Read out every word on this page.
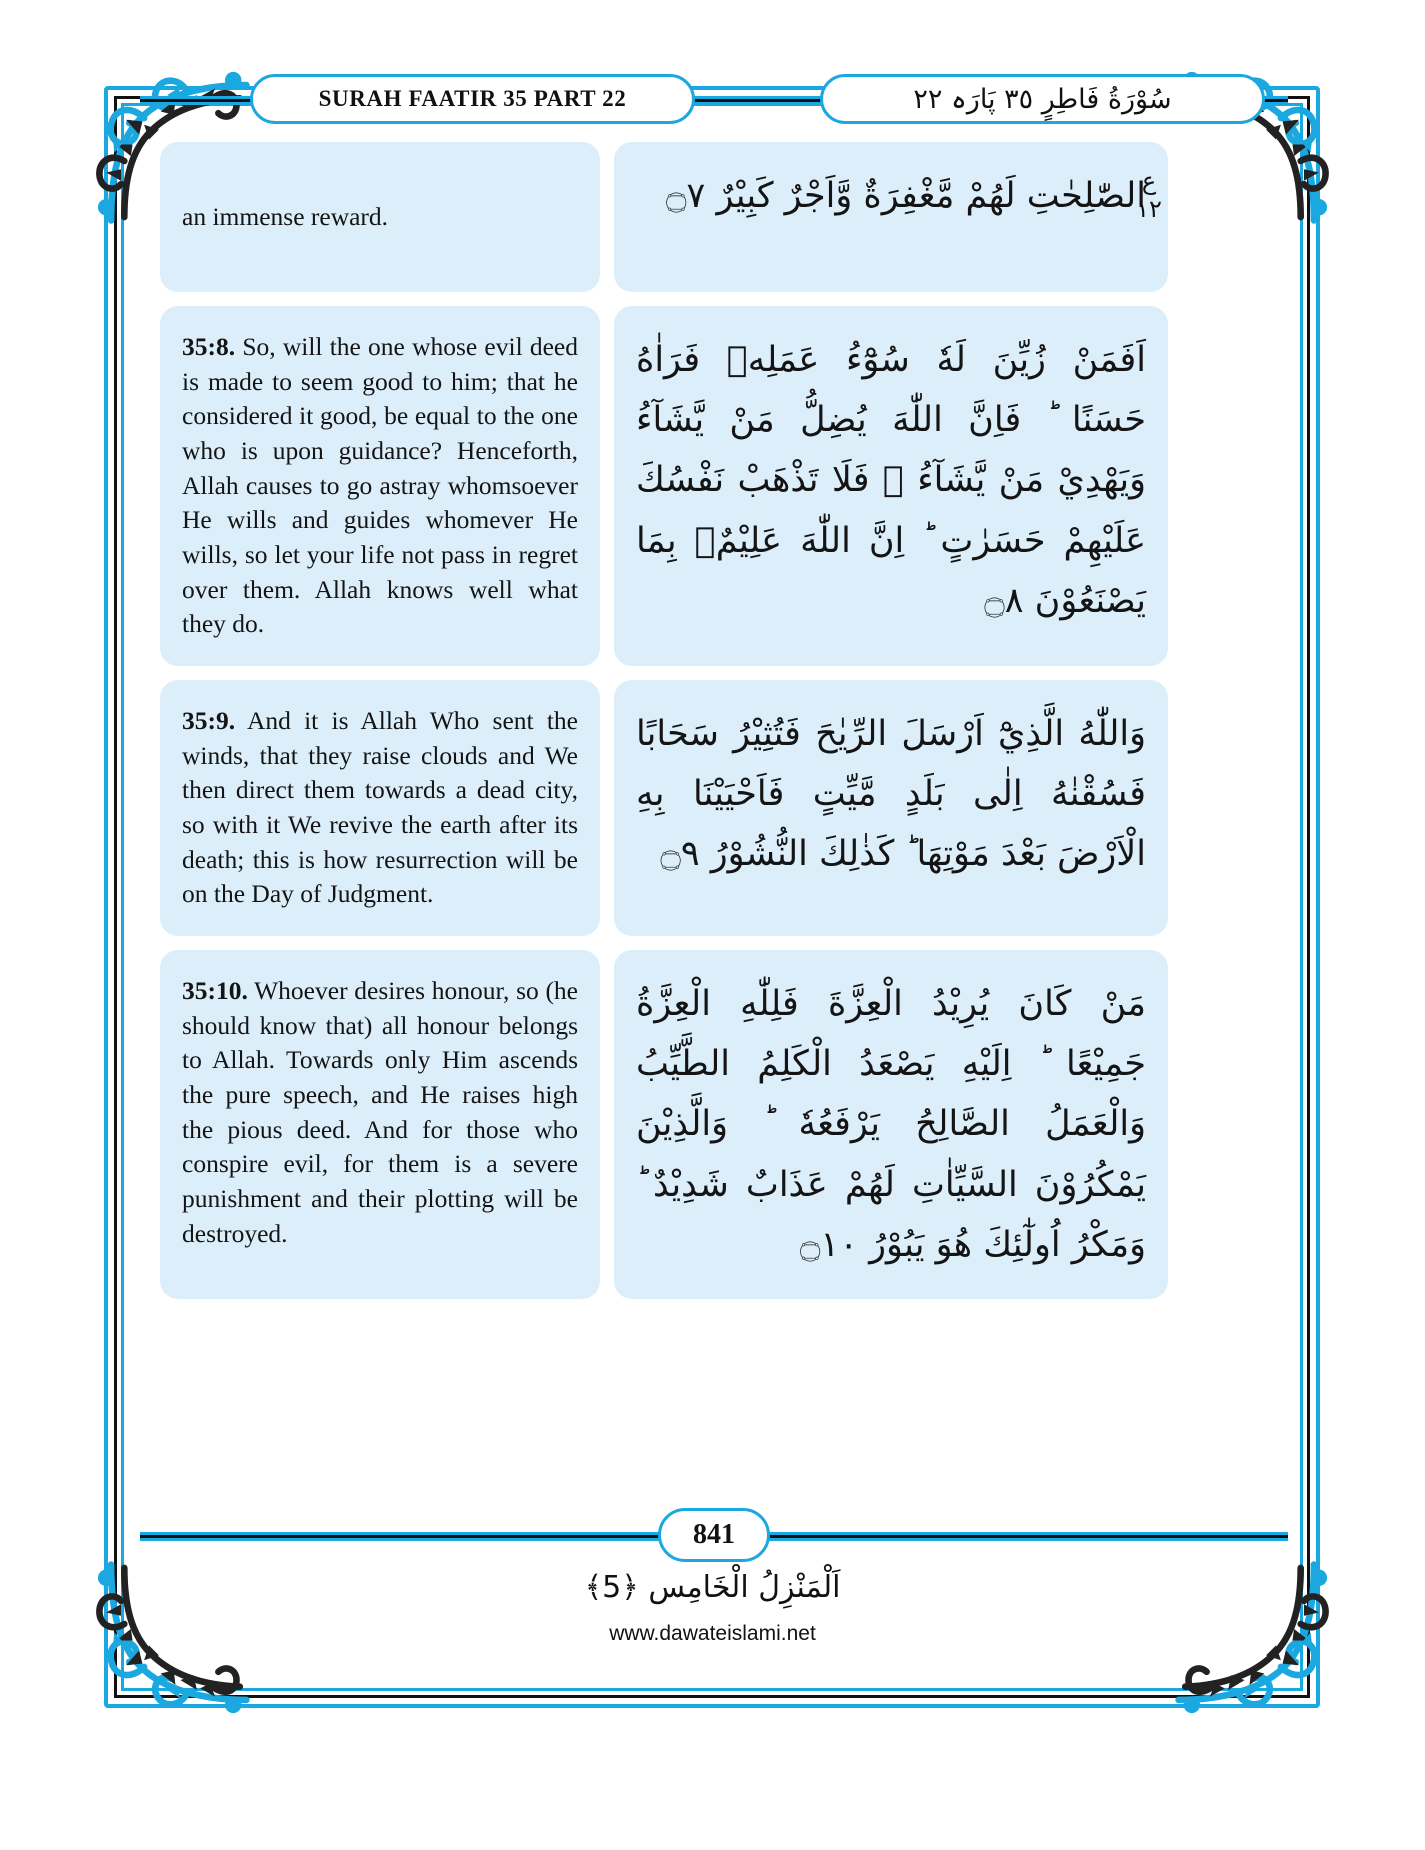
SURAH FAATIR 35 PART 22	سُوْرَةُ فَاطِرٍ ٣٥ پَارَہ ٢٢
an immense reward.
الصّٰلِحٰتِ لَهُمْ مَّغْفِرَةٌ وَّاَجْرٌ كَبِيْرٌ ۝٧
35:8. So, will the one whose evil deed is made to seem good to him; that he considered it good, be equal to the one who is upon guidance? Henceforth, Allah causes to go astray whomsoever He wills and guides whomever He wills, so let your life not pass in regret over them. Allah knows well what they do.
اَفَمَنْ زُيِّنَ لَهٗ سُوْٓءُ عَمَلِهٖ فَرَاٰهُ حَسَنًا ؕ فَاِنَّ اللّٰهَ يُضِلُّ مَنْ يَّشَآءُ وَيَهْدِيْ مَنْ يَّشَآءُ ۫ فَلَا تَذْهَبْ نَفْسُكَ عَلَيْهِمْ حَسَرٰتٍ ؕ اِنَّ اللّٰهَ عَلِيْمٌۢ بِمَا يَصْنَعُوْنَ ۝٨
35:9. And it is Allah Who sent the winds, that they raise clouds and We then direct them towards a dead city, so with it We revive the earth after its death; this is how resurrection will be on the Day of Judgment.
وَاللّٰهُ الَّذِيْٓ اَرْسَلَ الرِّيٰحَ فَتُثِيْرُ سَحَابًا فَسُقْنٰهُ اِلٰى بَلَدٍ مَّيِّتٍ فَاَحْيَيْنَا بِهِ الْاَرْضَ بَعْدَ مَوْتِهَا ؕ كَذٰلِكَ النُّشُوْرُ ۝٩
35:10. Whoever desires honour, so (he should know that) all honour belongs to Allah. Towards only Him ascends the pure speech, and He raises high the pious deed. And for those who conspire evil, for them is a severe punishment and their plotting will be destroyed.
مَنْ كَانَ يُرِيْدُ الْعِزَّةَ فَلِلّٰهِ الْعِزَّةُ جَمِيْعًا ؕ اِلَيْهِ يَصْعَدُ الْكَلِمُ الطَّيِّبُ وَالْعَمَلُ الصَّالِحُ يَرْفَعُهٗ ؕ وَالَّذِيْنَ يَمْكُرُوْنَ السَّيِّاٰتِ لَهُمْ عَذَابٌ شَدِيْدٌ ؕ وَمَكْرُ اُولٰٓئِكَ هُوَ يَبُوْرُ ۝١٠
ع
١٢
841
اَلْمَنْزِلُ الْخَامِس ﴿5﴾
www.dawateislami.net
